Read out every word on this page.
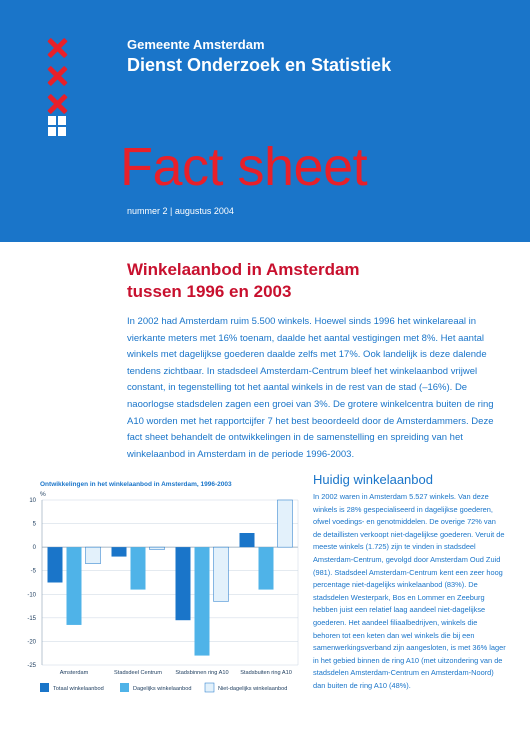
Gemeente Amsterdam
Dienst Onderzoek en Statistiek
Fact sheet
nummer 2 | augustus 2004
Winkelaanbod in Amsterdam
tussen 1996 en 2003
In 2002 had Amsterdam ruim 5.500 winkels. Hoewel sinds 1996 het winkelareaal in vierkante meters met 16% toenam, daalde het aantal vestigingen met 8%. Het aantal winkels met dagelijkse goederen daalde zelfs met 17%. Ook landelijk is deze dalende tendens zichtbaar. In stadsdeel Amsterdam-Centrum bleef het winkelaanbod vrijwel constant, in tegenstelling tot het aantal winkels in de rest van de stad (–16%). De naoorlogse stadsdelen zagen een groei van 3%. De grotere winkelcentra buiten de ring A10 worden met het rapportcijfer 7 het best beoordeeld door de Amsterdammers. Deze fact sheet behandelt de ontwikkelingen in de samenstelling en spreiding van het winkelaanbod in Amsterdam in de periode 1996-2003.
Ontwikkelingen in het winkelaanbod in Amsterdam, 1996-2003
%
10
5
0
-5
-10
-15
-20
-25
Amsterdam	Stadsdeel Centrum Stadsbinnen ring A10 Stadsbuiten ring A10
Totaal winkelaanbod	Dagelijks winkelaanbod	Niet-dagelijks winkelaanbod
Huidig winkelaanbod
In 2002 waren in Amsterdam 5.527 winkels. Van deze winkels is 28% gespecialiseerd in dagelijkse goederen, ofwel voedings- en genotmiddelen. De overige 72% van de detaillisten verkoopt niet-dagelijkse goederen. Veruit de meeste winkels (1.725) zijn te vinden in stadsdeel Amsterdam-Centrum, gevolgd door Amsterdam Oud Zuid (981). Stadsdeel Amsterdam-Centrum kent een zeer hoog percentage niet-dagelijks winkelaanbod (83%). De stadsdelen Westerpark, Bos en Lommer en Zeeburg hebben juist een relatief laag aandeel niet-dagelijkse goederen. Het aandeel filiaalbedrijven, winkels die behoren tot een keten dan wel winkels die bij een samenwerkingsverband zijn aangesloten, is met 36% lager in het gebied binnen de ring A10 (met uitzondering van de stadsdelen Amsterdam-Centrum en Amsterdam-Noord) dan buiten de ring A10 (48%).
